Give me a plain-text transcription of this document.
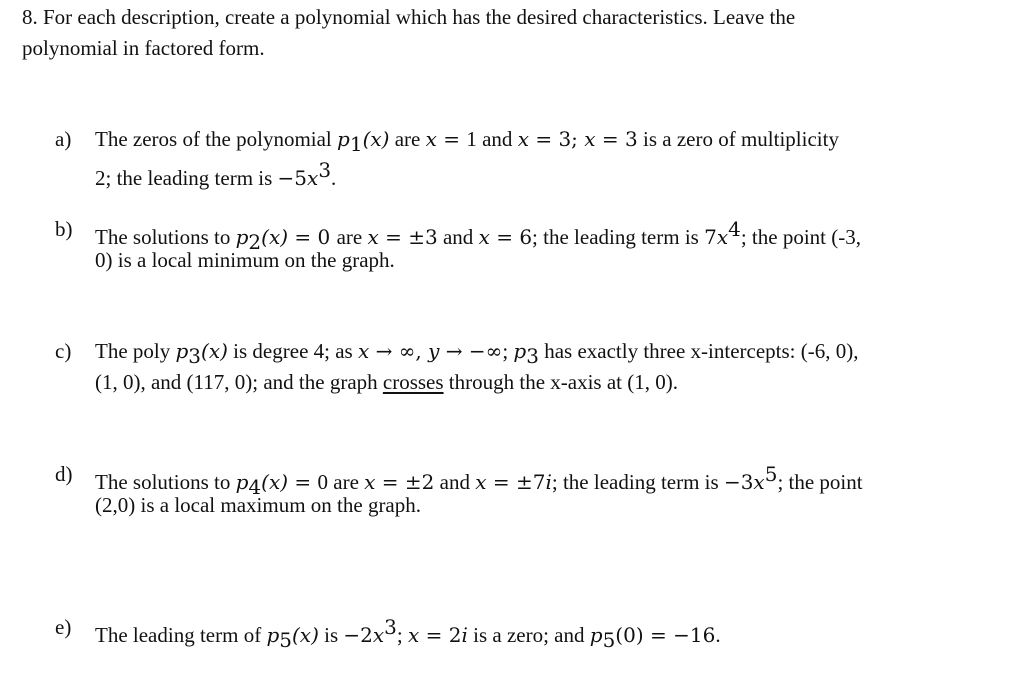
8. For each description, create a polynomial which has the desired characteristics. Leave the
polynomial in factored form.
a)	The zeros of the polynomial $p_1(x)$ are x = 1 and x = 3; x = 3 is a zero of multiplicity
2; the leading term is $-5x^3$.
b)	The solutions to $p_2(x) = 0$ are x = ±3 and x = 6; the leading term is $7x^4$; the point (-3,
0) is a local minimum on the graph.
c)	The poly $p_3(x)$ is degree 4; as x → ∞, y → −∞; $p_3$ has exactly three x-intercepts: (-6, 0),
(1, 0), and (117, 0); and the graph crosses through the x-axis at (1, 0).
d)	The solutions to $p_4(x) = 0$ are x = ±2 and x = ±7i; the leading term is $-3x^5$; the point
(2,0) is a local maximum on the graph.
e)	The leading term of $p_5(x)$ is $-2x^3$; x = 2i is a zero; and $p_5(0) = -16$.
